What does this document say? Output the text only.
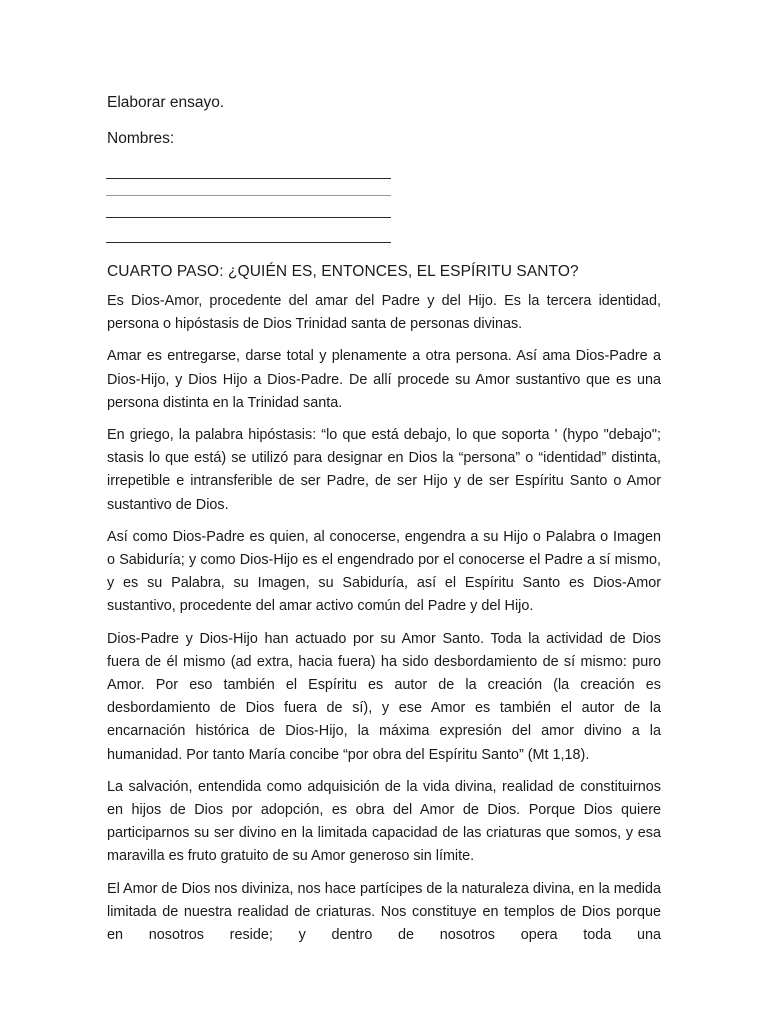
Elaborar ensayo.

Nombres:

CUARTO PASO: ¿QUIÉN ES, ENTONCES, EL ESPÍRITU SANTO?

Es Dios-Amor, procedente del amar del Padre y del Hijo. Es la tercera identidad, persona o hipóstasis de Dios Trinidad santa de personas divinas.

Amar es entregarse, darse total y plenamente a otra persona. Así ama Dios-Padre a Dios-Hijo, y Dios Hijo a Dios-Padre. De allí procede su Amor sustantivo que es una persona distinta en la Trinidad santa.

En griego, la palabra hipóstasis: “lo que está debajo, lo que soporta ' (hypo "debajo"; stasis lo que está) se utilizó para designar en Dios la “persona” o “identidad” distinta, irrepetible e intransferible de ser Padre, de ser Hijo y de ser Espíritu Santo o Amor sustantivo de Dios.

Así como Dios-Padre es quien, al conocerse, engendra a su Hijo o Palabra o Imagen o Sabiduría; y como Dios-Hijo es el engendrado por el conocerse el Padre a sí mismo, y es su Palabra, su Imagen, su Sabiduría, así el Espíritu Santo es Dios-Amor sustantivo, procedente del amar activo común del Padre y del Hijo.

Dios-Padre y Dios-Hijo han actuado por su Amor Santo. Toda la actividad de Dios fuera de él mismo (ad extra, hacia fuera) ha sido desbordamiento de sí mismo: puro Amor. Por eso también el Espíritu es autor de la creación (la creación es desbordamiento de Dios fuera de sí), y ese Amor es también el autor de la encarnación histórica de Dios-Hijo, la máxima expresión del amor divino a la humanidad. Por tanto María concibe “por obra del Espíritu Santo” (Mt 1,18).

La salvación, entendida como adquisición de la vida divina, realidad de constituirnos en hijos de Dios por adopción, es obra del Amor de Dios. Porque Dios quiere participarnos su ser divino en la limitada capacidad de las criaturas que somos, y esa maravilla es fruto gratuito de su Amor generoso sin límite.

El Amor de Dios nos diviniza, nos hace partícipes de la naturaleza divina, en la medida limitada de nuestra realidad de criaturas. Nos constituye en templos de Dios porque en nosotros reside; y dentro de nosotros opera toda una
